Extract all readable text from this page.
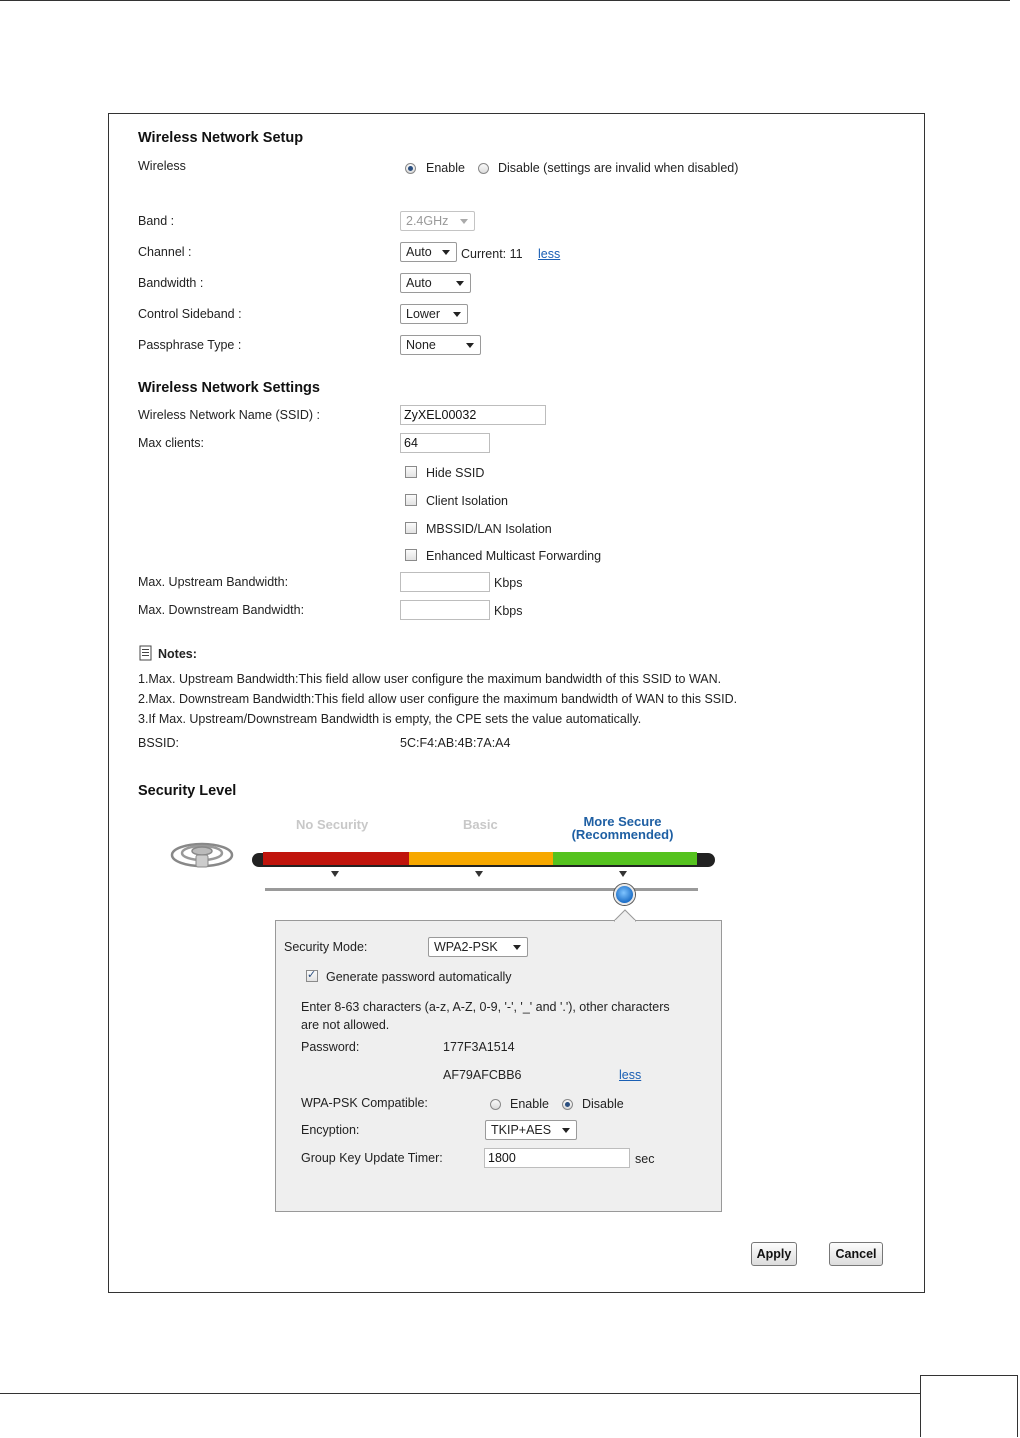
Wireless Network Setup
Wireless	Enable	Disable (settings are invalid when disabled)
Band :	2.4GHz
Channel :	Auto	Current: 11 less
Bandwidth :	Auto
Control Sideband :	Lower
Passphrase Type :	None
Wireless Network Settings
Wireless Network Name (SSID) :	ZyXEL00032
Max clients:	64
Hide SSID
Client Isolation
MBSSID/LAN Isolation
Enhanced Multicast Forwarding
Max. Upstream Bandwidth:	Kbps
Max. Downstream Bandwidth:	Kbps
Notes:
1.Max. Upstream Bandwidth:This field allow user configure the maximum bandwidth of this SSID to WAN.
2.Max. Downstream Bandwidth:This field allow user configure the maximum bandwidth of WAN to this SSID.
3.If Max. Upstream/Downstream Bandwidth is empty, the CPE sets the value automatically.
BSSID:	5C:F4:AB:4B:7A:A4
Security Level
No Security	Basic	More Secure
(Recommended)
Security Mode:	WPA2-PSK
✓
Generate password automatically
Enter 8-63 characters (a-z, A-Z, 0-9, '-', '_' and '.'), other characters
are not allowed.
Password:	177F3A1514
AF79AFCBB6	less
WPA-PSK Compatible:	Enable	Disable
Encyption:	TKIP+AES
Group Key Update Timer:	1800	sec
Apply	Cancel
